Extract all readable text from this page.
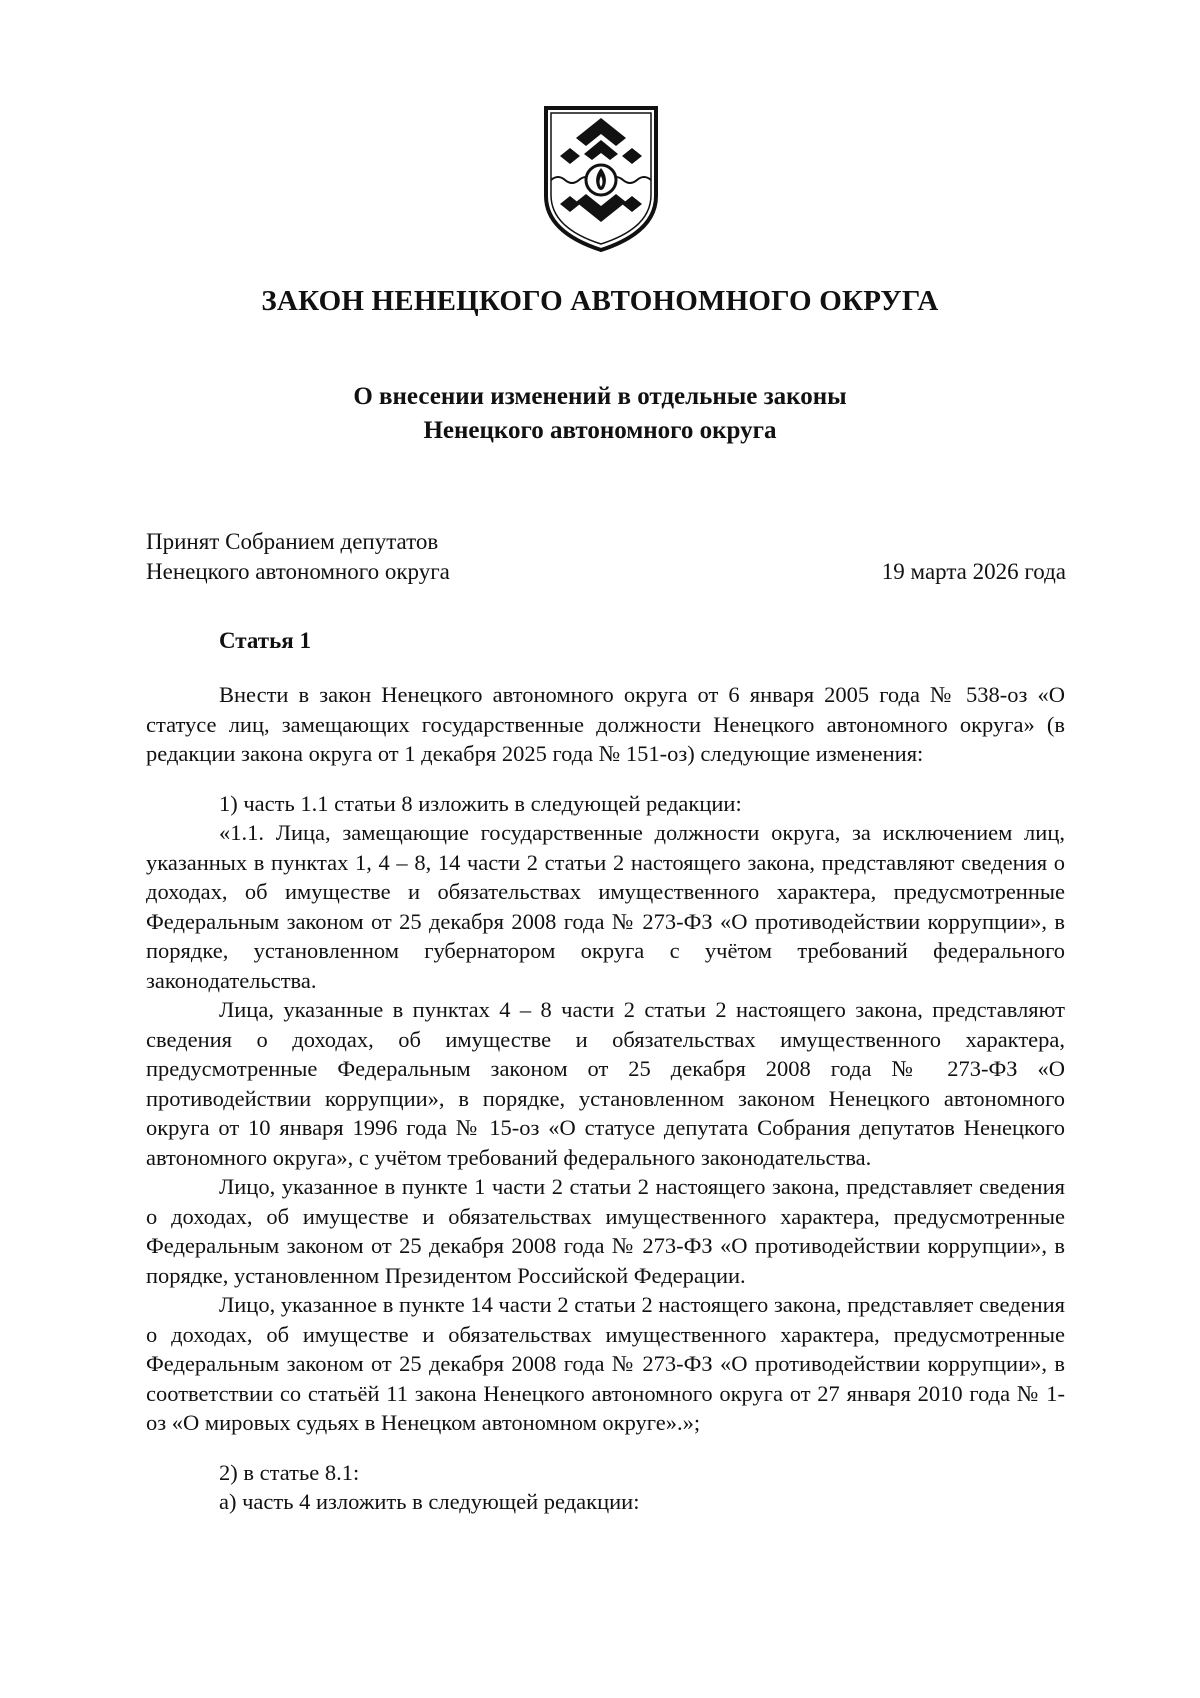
ЗАКОН НЕНЕЦКОГО АВТОНОМНОГО ОКРУГА
О внесении изменений в отдельные законы
Ненецкого автономного округа
Принят Собранием депутатов
Ненецкого автономного округа	19 марта 2026 года
Статья 1

Внести в закон Ненецкого автономного округа от 6 января 2005 года № 538-оз «О статусе лиц, замещающих государственные должности Ненецкого автономного округа» (в редакции закона округа от 1 декабря 2025 года № 151-оз) следующие изменения:

1) часть 1.1 статьи 8 изложить в следующей редакции:

«1.1. Лица, замещающие государственные должности округа, за исключением лиц, указанных в пунктах 1, 4 – 8, 14 части 2 статьи 2 настоящего закона, представляют сведения о доходах, об имуществе и обязательствах имущественного характера, предусмотренные Федеральным законом от 25 декабря 2008 года № 273-ФЗ «О противодействии коррупции», в порядке, установленном губернатором округа с учётом требований федерального законодательства.

Лица, указанные в пунктах 4 – 8 части 2 статьи 2 настоящего закона, представляют сведения о доходах, об имуществе и обязательствах имущественного характера, предусмотренные Федеральным законом от 25 декабря 2008 года № 273-ФЗ «О противодействии коррупции», в порядке, установленном законом Ненецкого автономного округа от 10 января 1996 года № 15-оз «О статусе депутата Собрания депутатов Ненецкого автономного округа», с учётом требований федерального законодательства.

Лицо, указанное в пункте 1 части 2 статьи 2 настоящего закона, представляет сведения о доходах, об имуществе и обязательствах имущественного характера, предусмотренные Федеральным законом от 25 декабря 2008 года № 273-ФЗ «О противодействии коррупции», в порядке, установленном Президентом Российской Федерации.

Лицо, указанное в пункте 14 части 2 статьи 2 настоящего закона, представляет сведения о доходах, об имуществе и обязательствах имущественного характера, предусмотренные Федеральным законом от 25 декабря 2008 года № 273-ФЗ «О противодействии коррупции», в соответствии со статьёй 11 закона Ненецкого автономного округа от 27 января 2010 года № 1-оз «О мировых судьях в Ненецком автономном округе».»;

2) в статье 8.1:

а) часть 4 изложить в следующей редакции:
